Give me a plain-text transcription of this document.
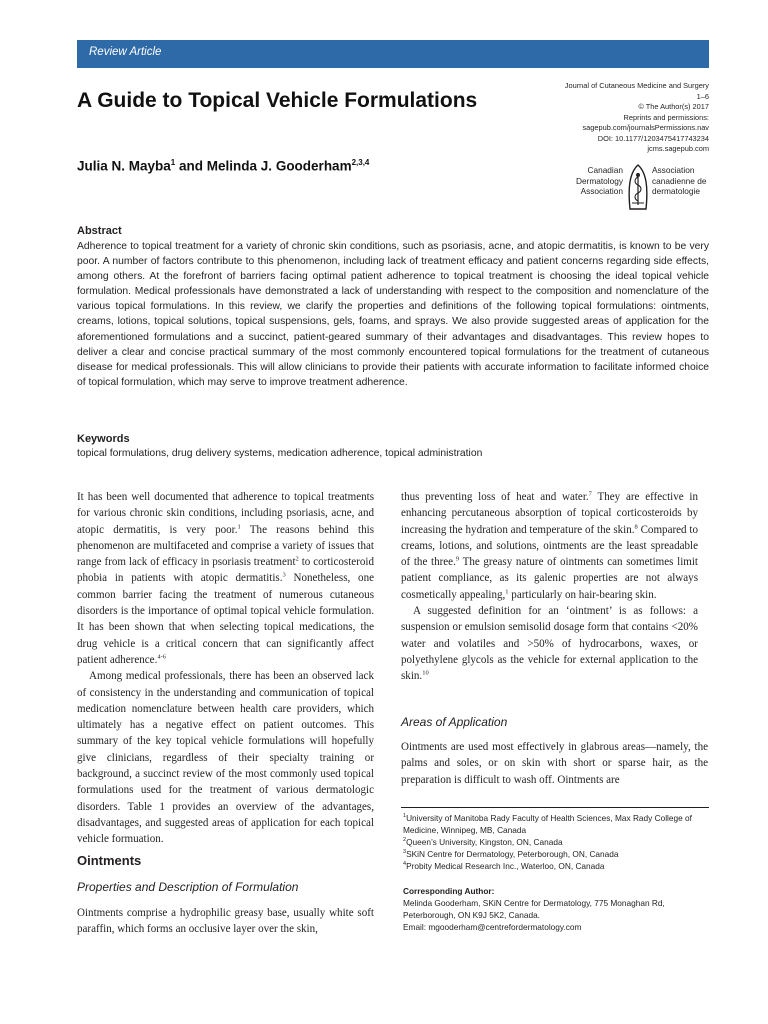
Review Article
A Guide to Topical Vehicle Formulations
Julia N. Mayba$^1$ and Melinda J. Gooderham$^{2,3,4}$
Journal of Cutaneous Medicine and Surgery
1–6
© The Author(s) 2017
Reprints and permissions:
sagepub.com/journalsPermissions.nav
DOI: 10.1177/1203475417743234
jcms.sagepub.com
Canadian
Dermatology
Association
Association
canadienne de
dermatologie
Abstract

Adherence to topical treatment for a variety of chronic skin conditions, such as psoriasis, acne, and atopic dermatitis, is known to be very poor. A number of factors contribute to this phenomenon, including lack of treatment efficacy and patient concerns regarding side effects, among others. At the forefront of barriers facing optimal patient adherence to topical treatment is choosing the ideal topical vehicle formulation. Medical professionals have demonstrated a lack of understanding with respect to the composition and nomenclature of the various topical formulations. In this review, we clarify the properties and definitions of the following topical formulations: ointments, creams, lotions, topical solutions, topical suspensions, gels, foams, and sprays. We also provide suggested areas of application for the aforementioned formulations and a succinct, patient-geared summary of their advantages and disadvantages. This review hopes to deliver a clear and concise practical summary of the most commonly encountered topical formulations for the treatment of cutaneous disease for medical professionals. This will allow clinicians to provide their patients with accurate information to facilitate informed choice of topical formulation, which may serve to improve treatment adherence.

Keywords
topical formulations, drug delivery systems, medication adherence, topical administration

It has been well documented that adherence to topical treatments for various chronic skin conditions, including psoriasis, acne, and atopic dermatitis, is very poor.$^1$ The reasons behind this phenomenon are multifaceted and comprise a variety of issues that range from lack of efficacy in psoriasis treatment$^2$ to corticosteroid phobia in patients with atopic dermatitis.$^3$ Nonetheless, one common barrier facing the treatment of numerous cutaneous disorders is the importance of optimal topical vehicle formulation. It has been shown that when selecting topical medications, the drug vehicle is a critical concern that can significantly affect patient adherence.$^{4-6}$

Among medical professionals, there has been an observed lack of consistency in the understanding and communication of topical medication nomenclature between health care providers, which ultimately has a negative effect on patient outcomes. This summary of the key topical vehicle formulations will hopefully give clinicians, regardless of their specialty training or background, a succinct review of the most commonly used topical formulations used for the treatment of various dermatologic disorders. Table 1 provides an overview of the advantages, disadvantages, and suggested areas of application for each topical vehicle formuation.

Ointments
Properties and Description of Formulation

Ointments comprise a hydrophilic greasy base, usually white soft paraffin, which forms an occlusive layer over the skin,

thus preventing loss of heat and water.$^7$ They are effective in enhancing percutaneous absorption of topical corticosteroids by increasing the hydration and temperature of the skin.$^8$ Compared to creams, lotions, and solutions, ointments are the least spreadable of the three.$^9$ The greasy nature of ointments can sometimes limit patient compliance, as its galenic properties are not always cosmetically appealing,$^1$ particularly on hair-bearing skin.

A suggested definition for an ‘ointment’ is as follows: a suspension or emulsion semisolid dosage form that contains <20% water and volatiles and >50% of hydrocarbons, waxes, or polyethylene glycols as the vehicle for external application to the skin.$^{10}$

Areas of Application

Ointments are used most effectively in glabrous areas—namely, the palms and soles, or on skin with short or sparse hair, as the preparation is difficult to wash off. Ointments are

$^1$University of Manitoba Rady Faculty of Health Sciences, Max Rady College of Medicine, Winnipeg, MB, Canada
$^2$Queen’s University, Kingston, ON, Canada
$^3$SKiN Centre for Dermatology, Peterborough, ON, Canada
$^4$Probity Medical Research Inc., Waterloo, ON, Canada
Corresponding Author:
Melinda Gooderham, SKiN Centre for Dermatology, 775 Monaghan Rd, Peterborough, ON K9J 5K2, Canada.
Email: mgooderham@centrefordermatology.com
